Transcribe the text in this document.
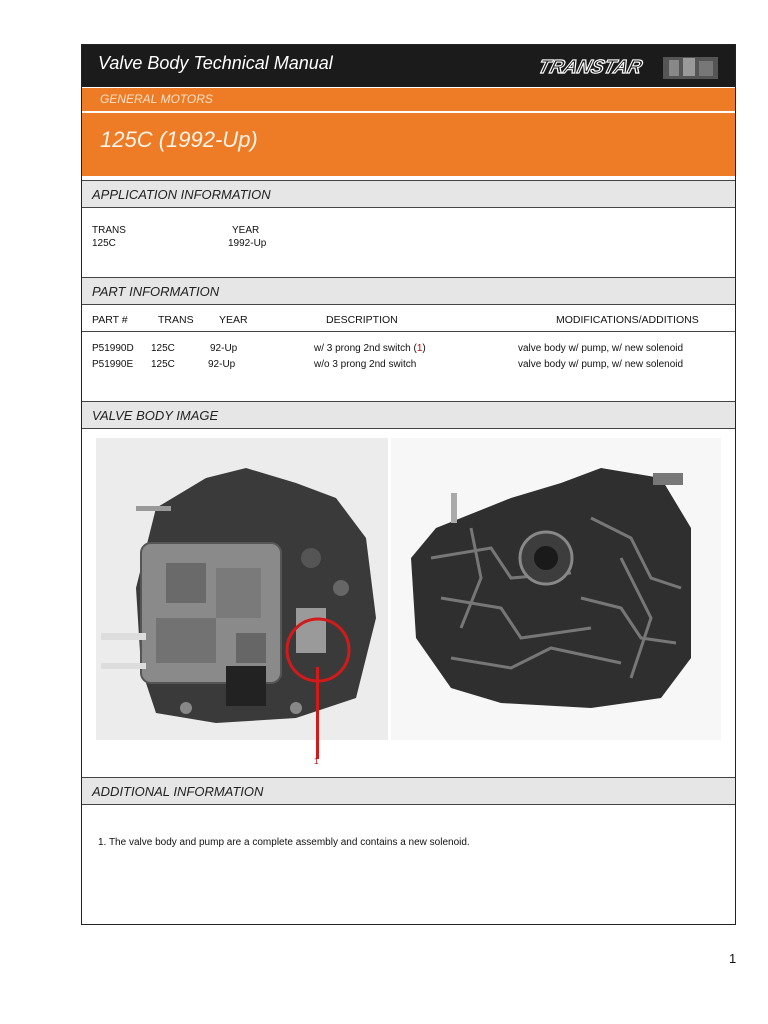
Valve Body Technical Manual	TRANSTAR
GENERAL MOTORS
125C (1992-Up)
APPLICATION INFORMATION
TRANS	YEAR
125C	1992-Up
PART INFORMATION
PART #	TRANS YEAR	DESCRIPTION	MODIFICATIONS/ADDITIONS
P51990D 125C	92-Up	w/ 3 prong 2nd switch (1)	valve body w/ pump, w/ new solenoid
P51990E 125C	92-Up	w/o 3 prong 2nd switch	valve body w/ pump, w/ new solenoid
VALVE BODY IMAGE
1
ADDITIONAL INFORMATION
1. The valve body and pump are a complete assembly and contains a new solenoid.
1
